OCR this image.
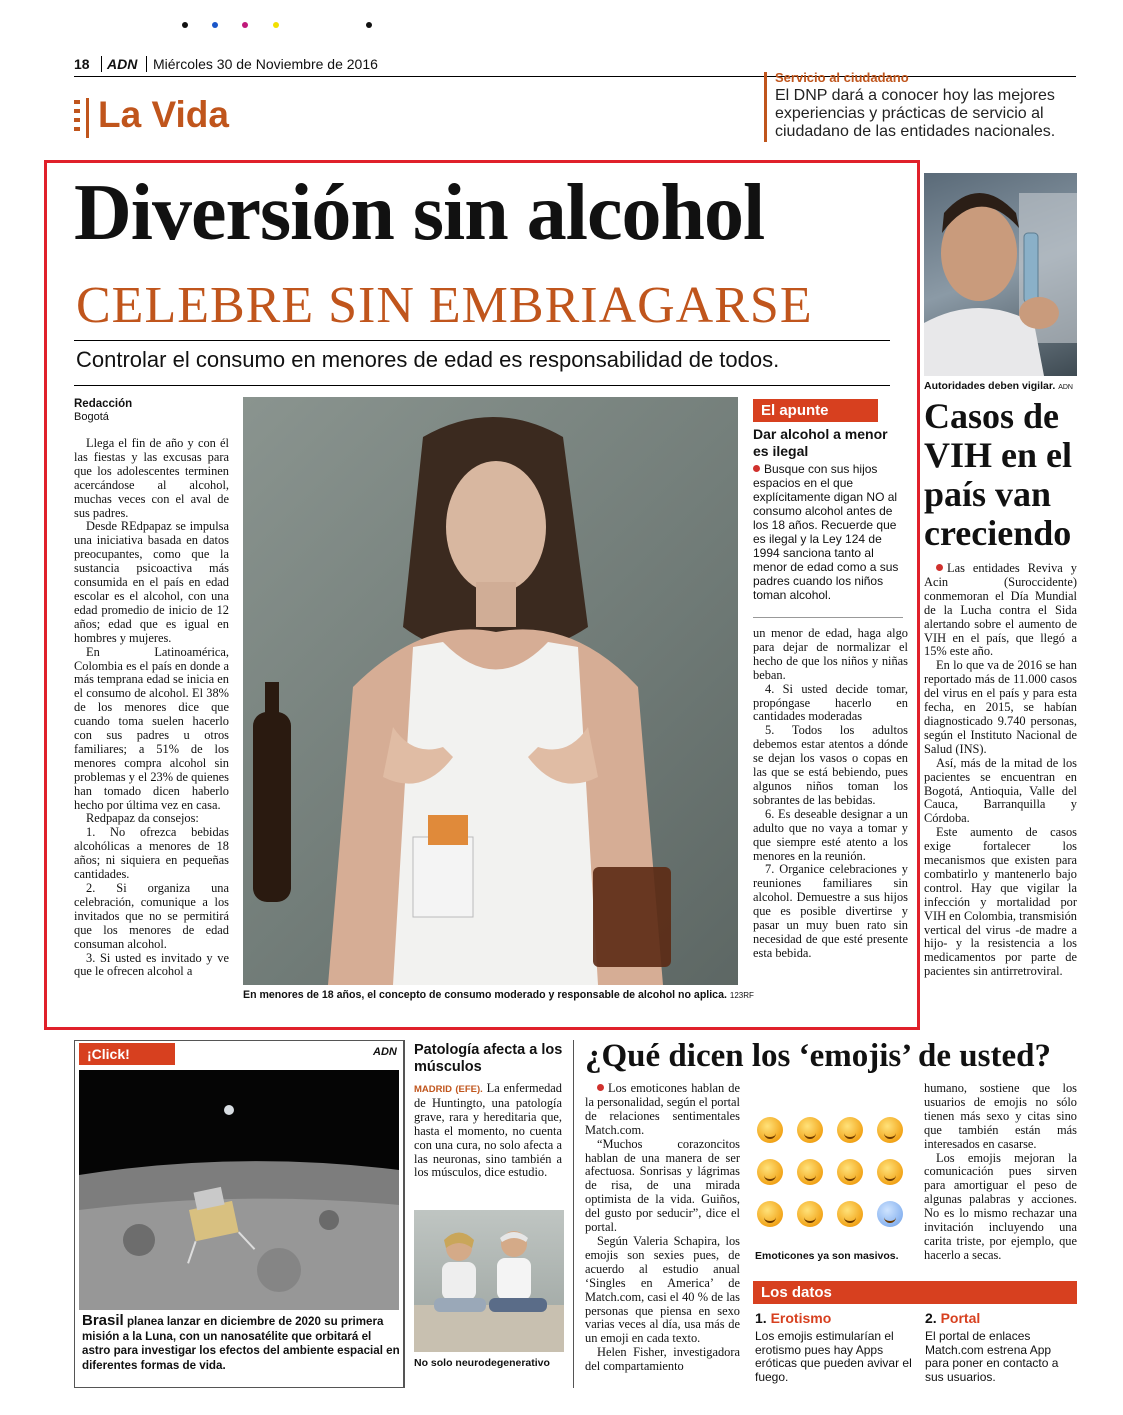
18	ADN	Miércoles 30 de Noviembre de 2016
La Vida
Servicio al ciudadano
El DNP dará a conocer hoy las mejores experiencias y prácticas de servicio al ciudadano de las entidades nacionales.
Diversión sin alcohol
CELEBRE SIN EMBRIAGARSE
Controlar el consumo en menores de edad es responsabilidad de todos.
Redacción
Bogotá

Llega el fin de año y con él las fiestas y las excusas para que los adolescentes terminen acercándose al alcohol, muchas veces con el aval de sus padres.

Desde REdpapaz se impulsa una iniciativa basada en datos preocupantes, como que la sustancia psicoactiva más consumida en el país en edad escolar es el alcohol, con una edad promedio de inicio de 12 años; edad que es igual en hombres y mujeres.

En Latinoamérica, Colombia es el país en donde a más temprana edad se inicia en el consumo de alcohol. El 38% de los menores dice que cuando toma suelen hacerlo con sus padres u otros familiares; a 51% de los menores compra alcohol sin problemas y el 23% de quienes han tomado dicen haberlo hecho por última vez en casa.

Redpapaz da consejos:

1. No ofrezca bebidas alcohólicas a menores de 18 años; ni siquiera en pequeñas cantidades.

2. Si organiza una celebración, comunique a los invitados que no se permitirá que los menores de edad consuman alcohol.

3. Si usted es invitado y ve que le ofrecen alcohol a

En menores de 18 años, el concepto de consumo moderado y responsable de alcohol no aplica. 123RF
El apunte
Dar alcohol a menor es ilegal
Busque con sus hijos espacios en el que explícitamente digan NO al consumo alcohol antes de los 18 años. Recuerde que es ilegal y la Ley 124 de 1994 sanciona tanto al menor de edad como a sus padres cuando los niños toman alcohol.

un menor de edad, haga algo para dejar de normalizar el hecho de que los niños y niñas beban.

4. Si usted decide tomar, propóngase hacerlo en cantidades moderadas

5. Todos los adultos debemos estar atentos a dónde se dejan los vasos o copas en las que se está bebiendo, pues algunos niños toman los sobrantes de las bebidas.

6. Es deseable designar a un adulto que no vaya a tomar y que siempre esté atento a los menores en la reunión.

7. Organice celebraciones y reuniones familiares sin alcohol. Demuestre a sus hijos que es posible divertirse y pasar un muy buen rato sin necesidad de que esté presente esta bebida.

Autoridades deben vigilar. ADN
Casos de VIH en el país van creciendo

Las entidades Reviva y Acin (Suroccidente) conmemoran el Día Mundial de la Lucha contra el Sida alertando sobre el aumento de VIH en el país, que llegó a 15% este año.

En lo que va de 2016 se han reportado más de 11.000 casos del virus en el país y para esta fecha, en 2015, se habían diagnosticado 9.740 personas, según el Instituto Nacional de Salud (INS).

Así, más de la mitad de los pacientes se encuentran en Bogotá, Antioquia, Valle del Cauca, Barranquilla y Córdoba.

Este aumento de casos exige fortalecer los mecanismos que existen para combatirlo y mantenerlo bajo control. Hay que vigilar la infección y mortalidad por VIH en Colombia, transmisión vertical del virus -de madre a hijo- y la resistencia a los medicamentos por parte de pacientes sin antirretroviral.

¡Click!	ADN
Brasil planea lanzar en diciembre de 2020 su primera misión a la Luna, con un nanosatélite que orbitará el astro para investigar los efectos del ambiente espacial en diferentes formas de vida.
Patología afecta a los músculos
MADRID (EFE). La enfermedad de Huntingto, una patología grave, rara y hereditaria que, hasta el momento, no cuenta con una cura, no solo afecta a las neuronas, sino también a los músculos, dice estudio.
No solo neurodegenerativo
¿Qué dicen los ‘emojis’ de usted?

Los emoticones hablan de la personalidad, según el portal de relaciones sentimentales Match.com.

“Muchos corazoncitos hablan de una manera de ser afectuosa. Sonrisas y lágrimas de risa, de una mirada optimista de la vida. Guiños, del gusto por seducir”, dice el portal.

Según Valeria Schapira, los emojis son sexies pues, de acuerdo al estudio anual ‘Singles en America’ de Match.com, casi el 40 % de las personas que piensa en sexo varias veces al día, usa más de un emoji en cada texto.

Helen Fisher, investigadora del compartamiento

Emoticones ya son masivos.

humano, sostiene que los usuarios de emojis no sólo tienen más sexo y citas sino que también están más interesados en casarse.

Los emojis mejoran la comunicación pues sirven para amortiguar el peso de algunas palabras y acciones. No es lo mismo rechazar una invitación incluyendo una carita triste, por ejemplo, que hacerlo a secas.

Los datos
1. Erotismo
Los emojis estimularían el erotismo pues hay Apps eróticas que pueden avivar el fuego.
2. Portal
El portal de enlaces Match.com estrena App para poner en contacto a sus usuarios.
